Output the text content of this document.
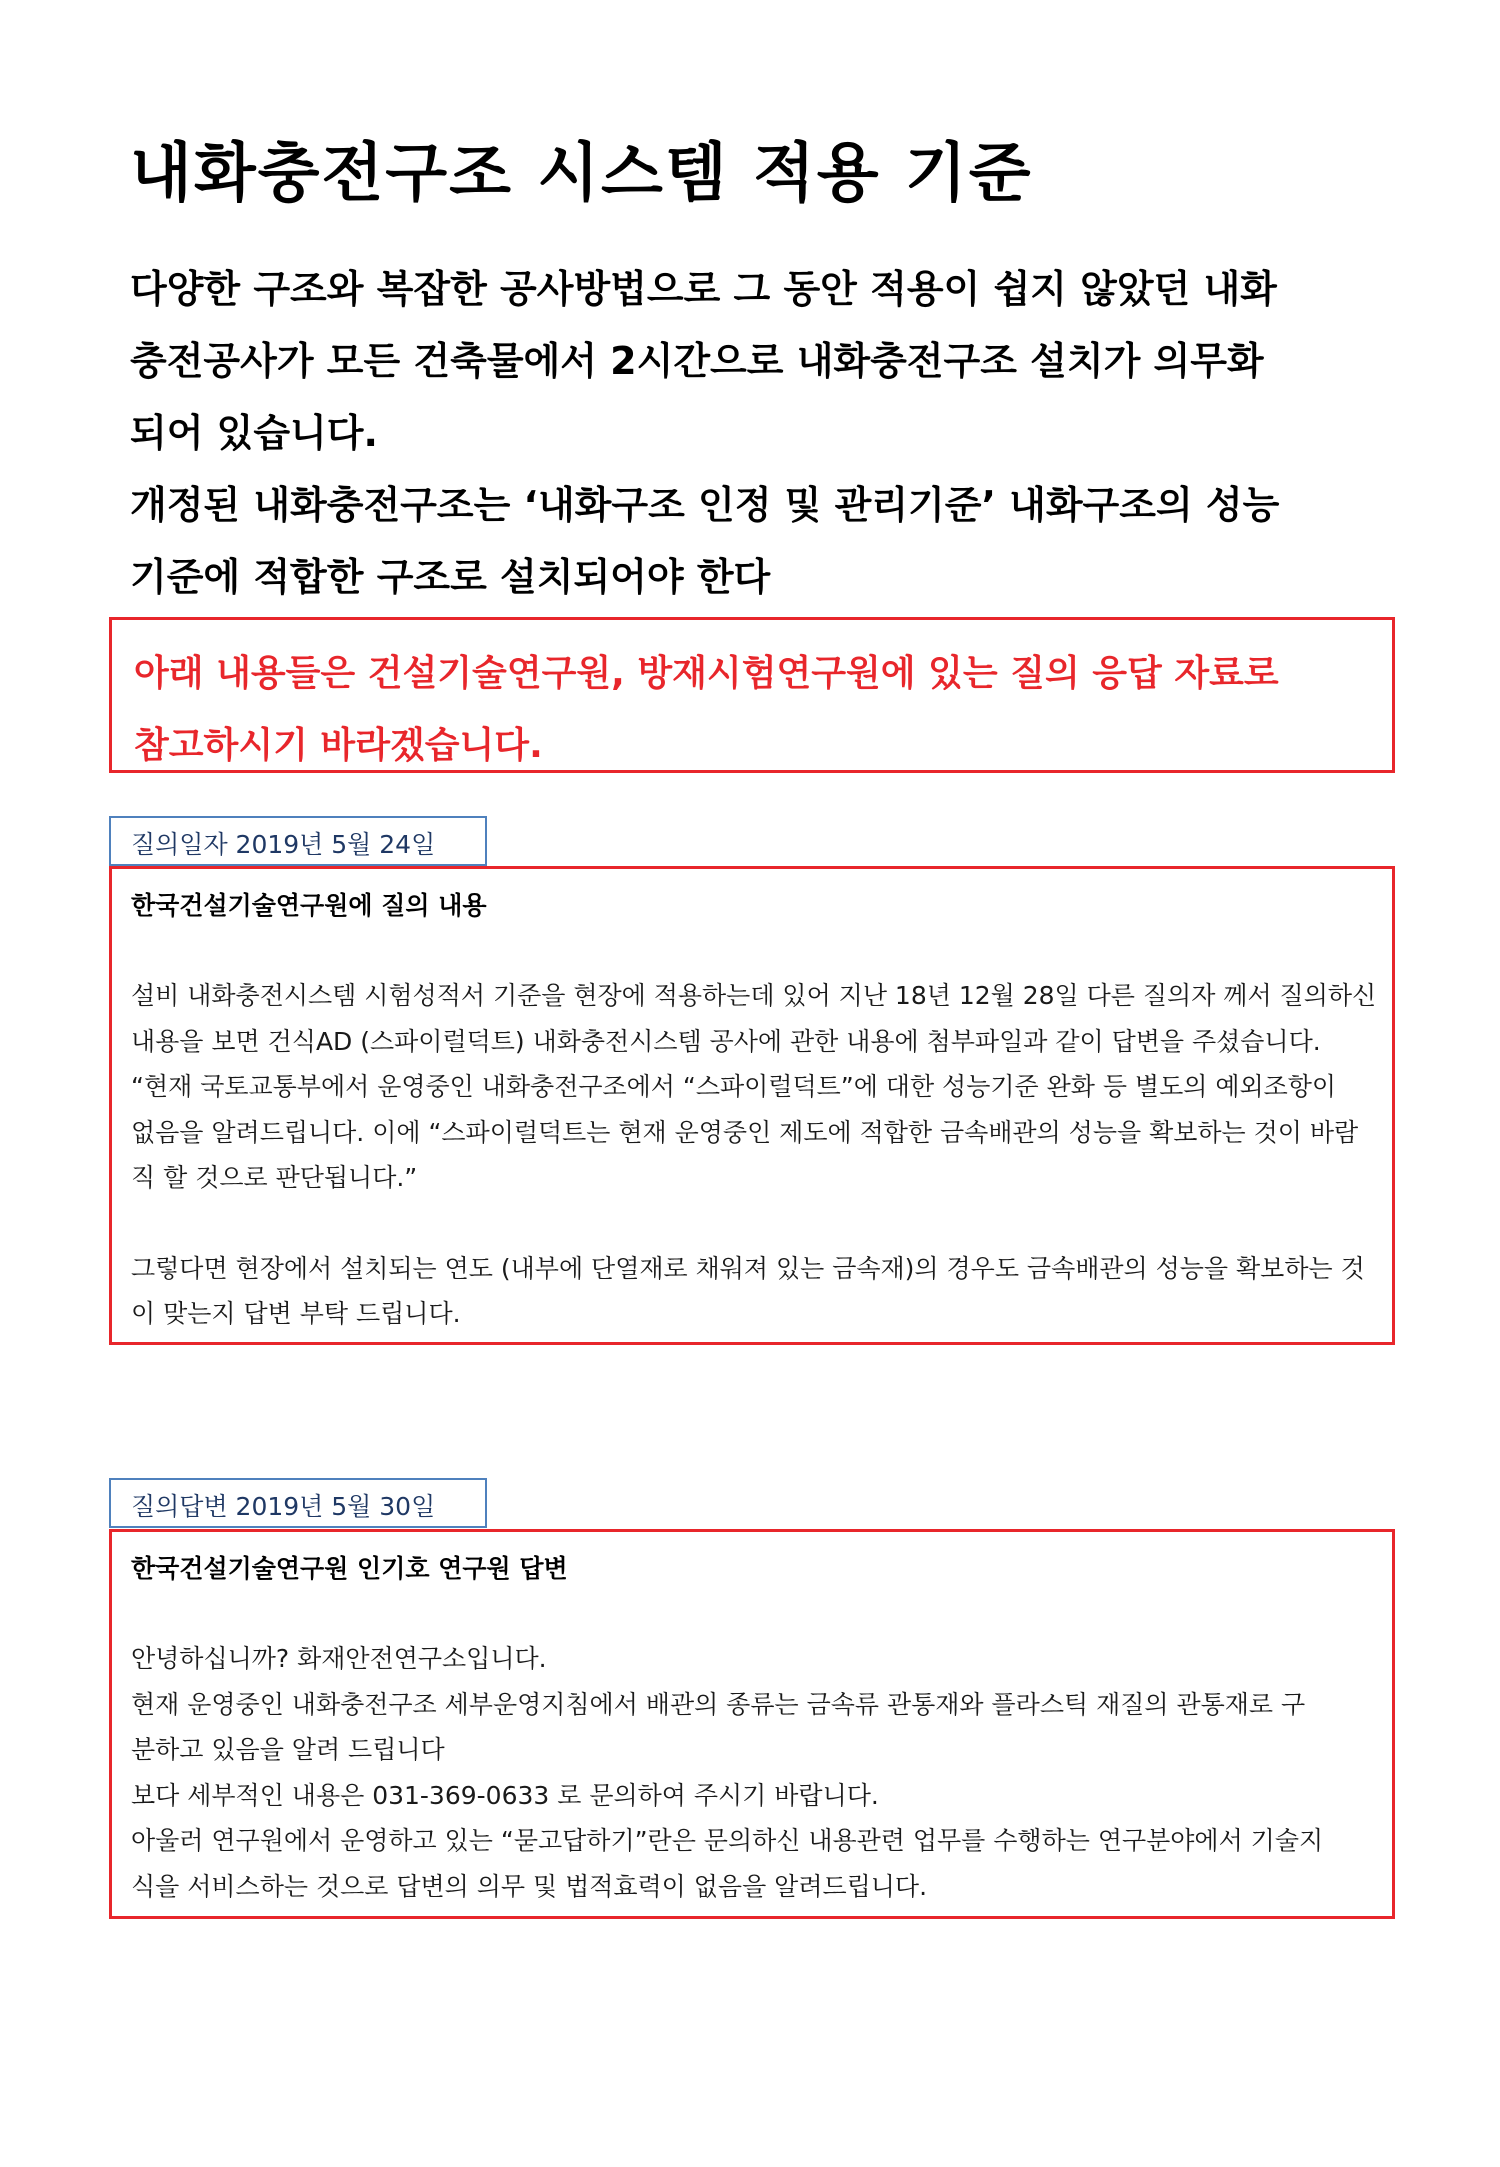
내화충전구조 시스템 적용 기준

다양한 구조와 복잡한 공사방법으로 그 동안 적용이 쉽지 않았던 내화

충전공사가 모든 건축물에서 2시간으로 내화충전구조 설치가 의무화

되어 있습니다.

개정된 내화충전구조는 ‘내화구조 인정 및 관리기준’ 내화구조의 성능

기준에 적합한 구조로 설치되어야 한다

아래 내용들은 건설기술연구원, 방재시험연구원에 있는 질의 응답 자료로

참고하시기 바라겠습니다.

질의일자 2019년 5월 24일
한국건설기술연구원에 질의 내용
설비 내화충전시스템 시험성적서 기준을 현장에 적용하는데 있어 지난 18년 12월 28일 다른 질의자 께서 질의하신
내용을 보면 건식AD (스파이럴덕트) 내화충전시스템 공사에 관한 내용에 첨부파일과 같이 답변을 주셨습니다.
“현재 국토교통부에서 운영중인 내화충전구조에서 “스파이럴덕트”에 대한 성능기준 완화 등 별도의 예외조항이
없음을 알려드립니다. 이에 “스파이럴덕트는 현재 운영중인 제도에 적합한 금속배관의 성능을 확보하는 것이 바람
직 할 것으로 판단됩니다.”
그렇다면 현장에서 설치되는 연도 (내부에 단열재로 채워져 있는 금속재)의 경우도 금속배관의 성능을 확보하는 것
이 맞는지 답변 부탁 드립니다.
질의답변 2019년 5월 30일
한국건설기술연구원 인기호 연구원 답변
안녕하십니까? 화재안전연구소입니다.
현재 운영중인 내화충전구조 세부운영지침에서 배관의 종류는 금속류 관통재와 플라스틱 재질의 관통재로 구
분하고 있음을 알려 드립니다
보다 세부적인 내용은 031-369-0633 로 문의하여 주시기 바랍니다.
아울러 연구원에서 운영하고 있는 “묻고답하기”란은 문의하신 내용관련 업무를 수행하는 연구분야에서 기술지
식을 서비스하는 것으로 답변의 의무 및 법적효력이 없음을 알려드립니다.
